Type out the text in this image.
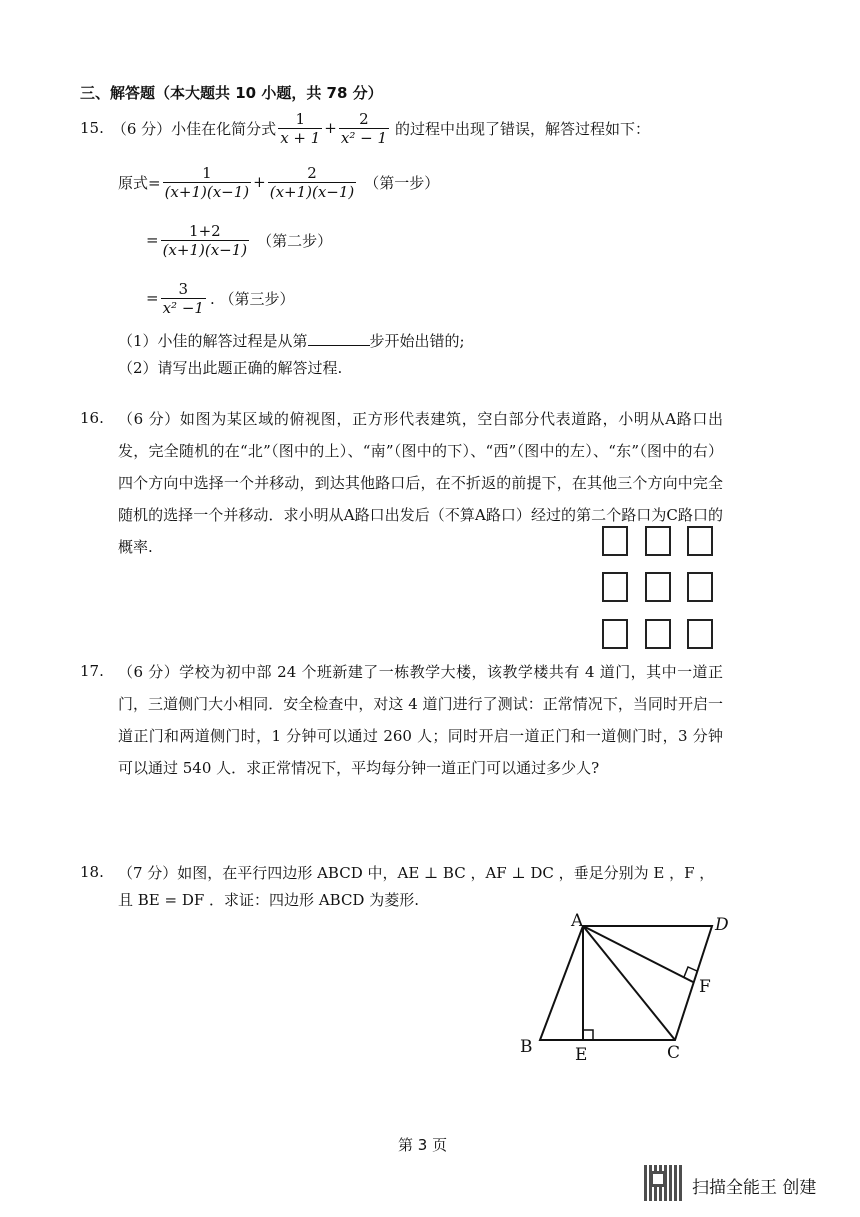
三、解答题（本大题共 10 小题，共 78 分）
15. （6 分） 小佳在化简分式 $\frac{1}{x + 1} + \frac{2}{\text{x² − 1}}$ 的过程中出现了错误，解答过程如下：
原式= $\frac{1}{(x+1)(x-1)} + \frac{2}{(x+1)(x-1)}$ （第一步）
= $\frac{1+2}{(x+1)(x-1)}$ （第二步）
= $\frac{3}{\text{x² −1}}$ . （第三步）
（1）小佳的解答过程是从第	步开始出错的;
（2）请写出此题正确的解答过程.
16. （6 分）如图为某区域的俯视图，正方形代表建筑，空白部分代表道路，小明从A路口出发，完全随机的在“北”（图中的上）、“南”（图中的下）、“西”（图中的左）、“东”（图中的右）四个方向中选择一个并移动，到达其他路口后，在不折返的前提下，在其他三个方向中完全随机的选择一个并移动．求小明从A路口出发后（不算A路口）经过的第二个路口为C路口的概率.
17. （6 分）学校为初中部 24 个班新建了一栋教学大楼，该教学楼共有 4 道门，其中一道正门，三道侧门大小相同．安全检查中，对这 4 道门进行了测试：正常情况下，当同时开启一道正门和两道侧门时，1 分钟可以通过 260 人；同时开启一道正门和一道侧门时，3 分钟可以通过 540 人．求正常情况下，平均每分钟一道正门可以通过多少人?
18. （7 分）如图，在平行四边形 ABCD 中，AE ⊥ BC ，AF ⊥ DC ，垂足分别为 E ，F ，
且 BE = DF ．求证：四边形 ABCD 为菱形.
A	D
F
B	E	C
第 3 页
扫描全能王 创建
